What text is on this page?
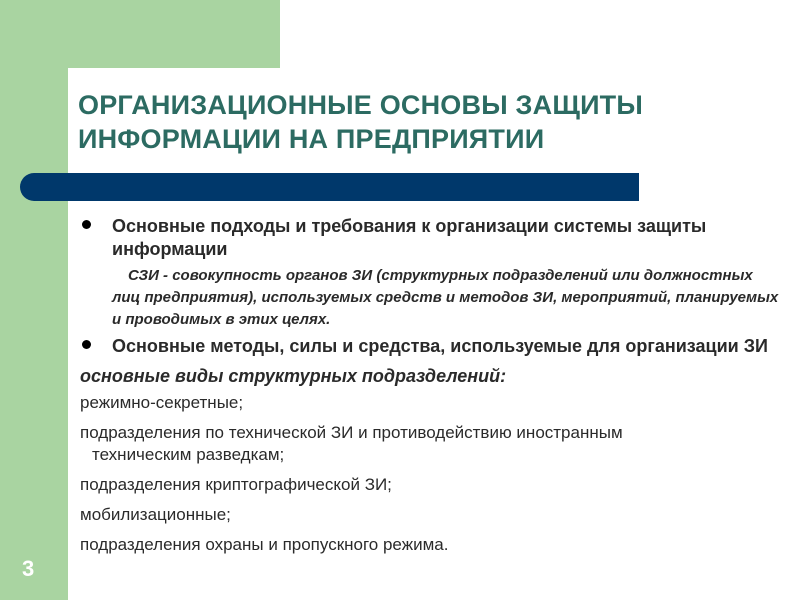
ОРГАНИЗАЦИОННЫЕ ОСНОВЫ ЗАЩИТЫ
ИНФОРМАЦИИ НА ПРЕДПРИЯТИИ
Основные подходы и требования к организации системы защиты информации
СЗИ - совокупность органов ЗИ (структурных подразделений или должностных лиц предприятия), используемых средств и методов ЗИ, мероприятий, планируемых и проводимых в этих целях.
Основные методы, силы и средства, используемые для организации ЗИ
основные виды структурных подразделений:
режимно-секретные;
подразделения по технической ЗИ и противодействию иностранным
техническим разведкам;
подразделения криптографической ЗИ;
мобилизационные;
подразделения охраны и пропускного режима.
3
